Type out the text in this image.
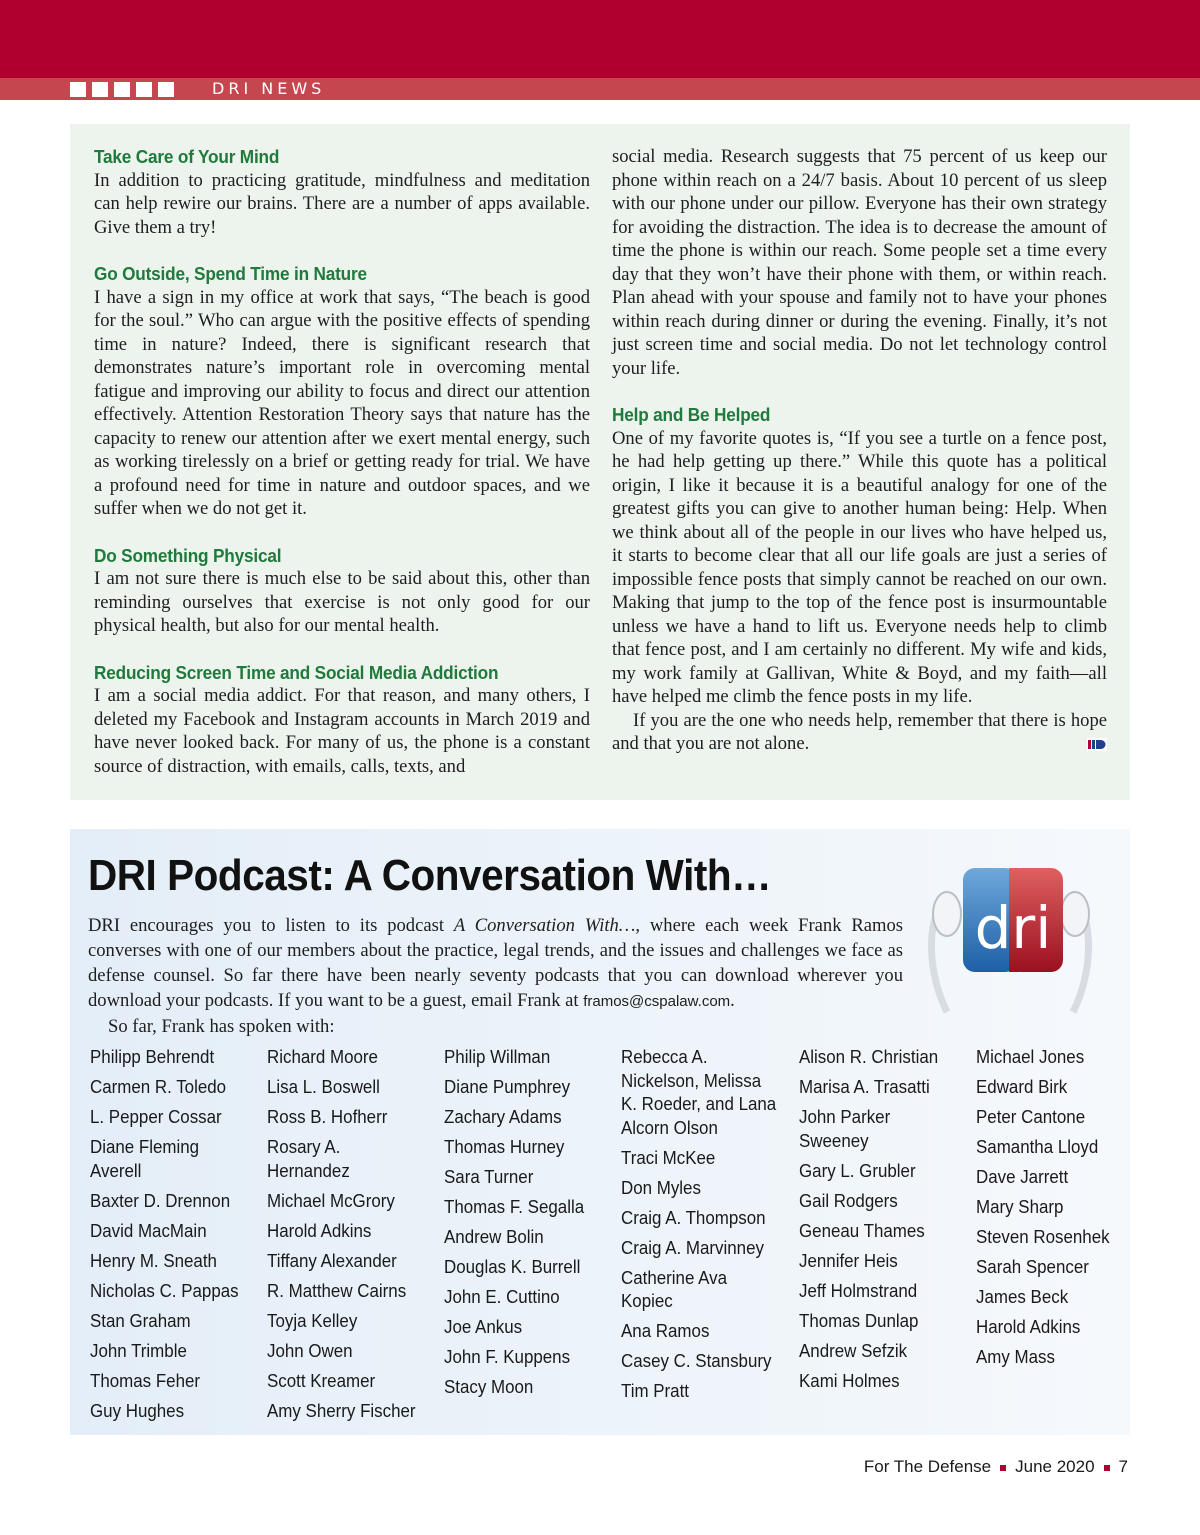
DRI NEWS
Take Care of Your Mind

In addition to practicing gratitude, mindfulness and meditation can help rewire our brains. There are a number of apps available. Give them a try!

Go Outside, Spend Time in Nature

I have a sign in my office at work that says, “The beach is good for the soul.” Who can argue with the positive effects of spending time in nature? Indeed, there is significant research that demonstrates nature’s important role in overcoming mental fatigue and improving our ability to focus and direct our attention effectively. Attention Restoration Theory says that nature has the capacity to renew our attention after we exert mental energy, such as working tirelessly on a brief or getting ready for trial. We have a profound need for time in nature and outdoor spaces, and we suffer when we do not get it.

Do Something Physical

I am not sure there is much else to be said about this, other than reminding ourselves that exercise is not only good for our physical health, but also for our mental health.

Reducing Screen Time and Social Media Addiction

I am a social media addict. For that reason, and many others, I deleted my Facebook and Instagram accounts in March 2019 and have never looked back. For many of us, the phone is a constant source of distraction, with emails, calls, texts, and

social media. Research suggests that 75 percent of us keep our phone within reach on a 24/7 basis. About 10 percent of us sleep with our phone under our pillow. Everyone has their own strategy for avoiding the distraction. The idea is to decrease the amount of time the phone is within our reach. Some people set a time every day that they won’t have their phone with them, or within reach. Plan ahead with your spouse and family not to have your phones within reach during dinner or during the evening. Finally, it’s not just screen time and social media. Do not let technology control your life.

Help and Be Helped

One of my favorite quotes is, “If you see a turtle on a fence post, he had help getting up there.” While this quote has a political origin, I like it because it is a beautiful analogy for one of the greatest gifts you can give to another human being: Help. When we think about all of the people in our lives who have helped us, it starts to become clear that all our life goals are just a series of impossible fence posts that simply cannot be reached on our own. Making that jump to the top of the fence post is insurmountable unless we have a hand to lift us. Everyone needs help to climb that fence post, and I am certainly no different. My wife and kids, my work family at Gallivan, White & Boyd, and my faith—all have helped me climb the fence posts in my life.

If you are the one who needs help, remember that there is hope and that you are not alone.

DRI Podcast: A Conversation With…
DRI encourages you to listen to its podcast A Conversation With…, where each week Frank Ramos converses with one of our members about the practice, legal trends, and the issues and challenges we face as defense counsel. So far there have been nearly seventy podcasts that you can download wherever you download your podcasts. If you want to be a guest, email Frank at framos@cspalaw.com.
So far, Frank has spoken with:
dri
Philipp Behrendt
Carmen R. Toledo
L. Pepper Cossar
Diane Fleming Averell
Baxter D. Drennon
David MacMain
Henry M. Sneath
Nicholas C. Pappas
Stan Graham
John Trimble
Thomas Feher
Guy Hughes
Richard Moore
Lisa L. Boswell
Ross B. Hofherr
Rosary A. Hernandez
Michael McGrory
Harold Adkins
Tiffany Alexander
R. Matthew Cairns
Toyja Kelley
John Owen
Scott Kreamer
Amy Sherry Fischer
Philip Willman
Diane Pumphrey
Zachary Adams
Thomas Hurney
Sara Turner
Thomas F. Segalla
Andrew Bolin
Douglas K. Burrell
John E. Cuttino
Joe Ankus
John F. Kuppens
Stacy Moon
Rebecca A. Nickelson, Melissa K. Roeder, and Lana Alcorn Olson
Traci McKee
Don Myles
Craig A. Thompson
Craig A. Marvinney
Catherine Ava Kopiec
Ana Ramos
Casey C. Stansbury
Tim Pratt
Alison R. Christian
Marisa A. Trasatti
John Parker Sweeney
Gary L. Grubler
Gail Rodgers
Geneau Thames
Jennifer Heis
Jeff Holmstrand
Thomas Dunlap
Andrew Sefzik
Kami Holmes
Michael Jones
Edward Birk
Peter Cantone
Samantha Lloyd
Dave Jarrett
Mary Sharp
Steven Rosenhek
Sarah Spencer
James Beck
Harold Adkins
Amy Mass
For The Defense June 2020 7
